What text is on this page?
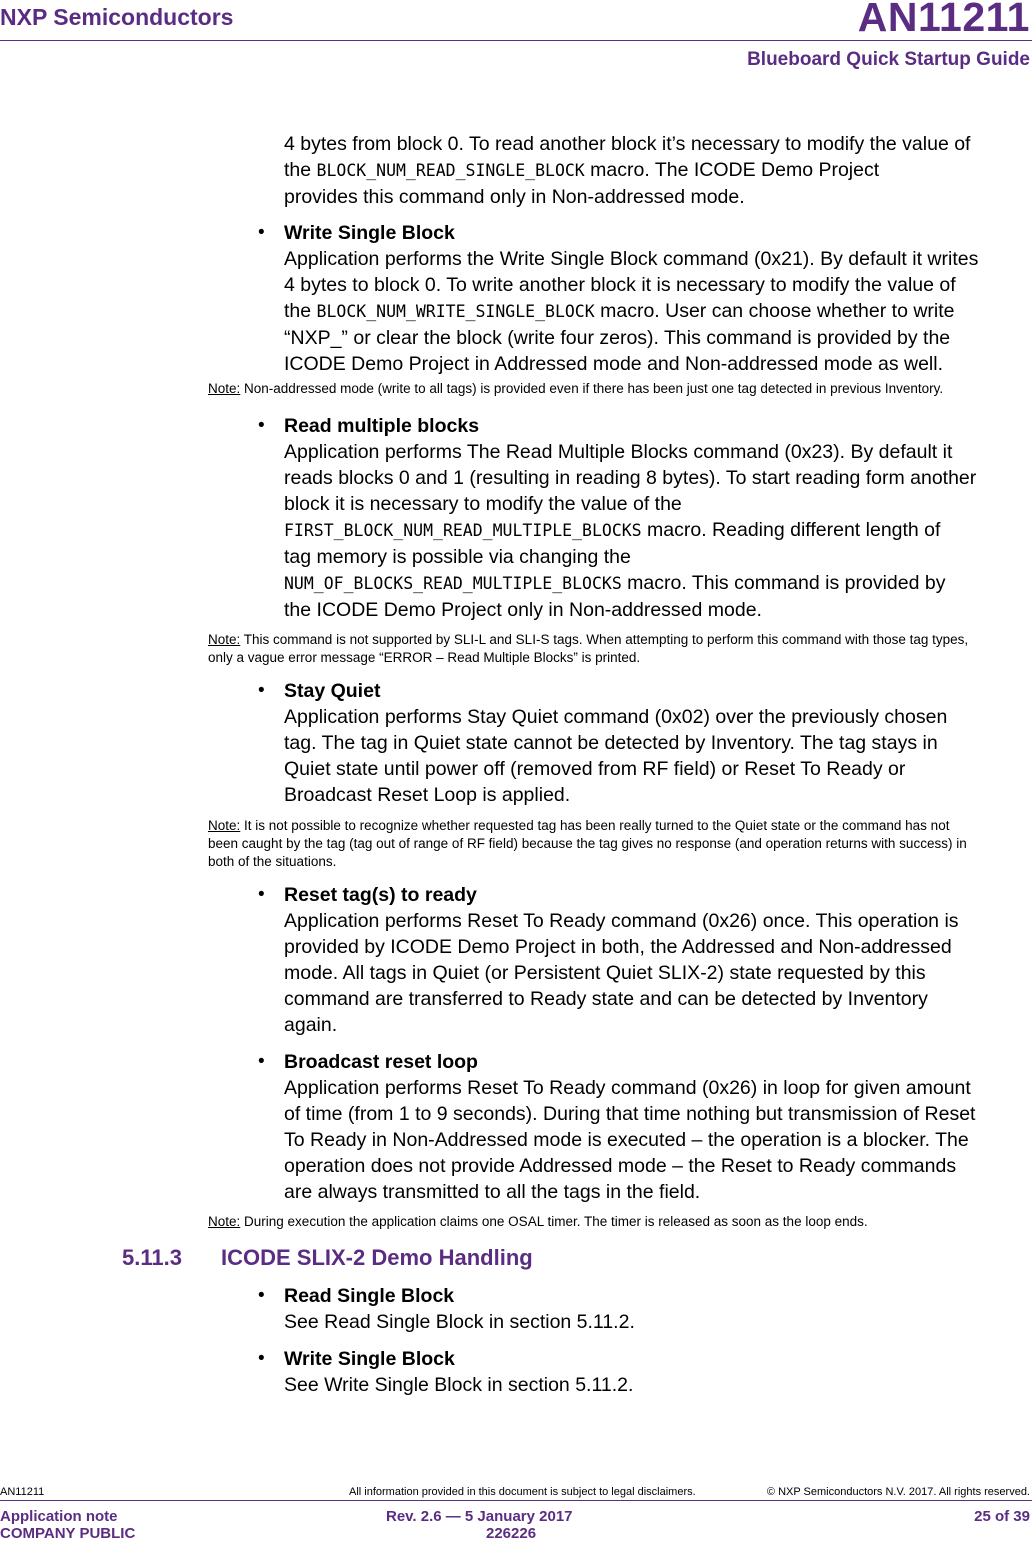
NXP Semiconductors	AN11211
Blueboard Quick Startup Guide
4 bytes from block 0. To read another block it’s necessary to modify the value of
the BLOCK_NUM_READ_SINGLE_BLOCK macro. The ICODE Demo Project
provides this command only in Non-addressed mode.
• Write Single Block
Application performs the Write Single Block command (0x21). By default it writes
4 bytes to block 0. To write another block it is necessary to modify the value of
the BLOCK_NUM_WRITE_SINGLE_BLOCK macro. User can choose whether to write
“NXP_” or clear the block (write four zeros). This command is provided by the
ICODE Demo Project in Addressed mode and Non-addressed mode as well.
Note: Non-addressed mode (write to all tags) is provided even if there has been just one tag detected in previous Inventory.
• Read multiple blocks
Application performs The Read Multiple Blocks command (0x23). By default it
reads blocks 0 and 1 (resulting in reading 8 bytes). To start reading form another
block it is necessary to modify the value of the
FIRST_BLOCK_NUM_READ_MULTIPLE_BLOCKS macro. Reading different length of
tag memory is possible via changing the
NUM_OF_BLOCKS_READ_MULTIPLE_BLOCKS macro. This command is provided by
the ICODE Demo Project only in Non-addressed mode.
Note: This command is not supported by SLI-L and SLI-S tags. When attempting to perform this command with those tag types,
only a vague error message “ERROR – Read Multiple Blocks” is printed.
• Stay Quiet
Application performs Stay Quiet command (0x02) over the previously chosen
tag. The tag in Quiet state cannot be detected by Inventory. The tag stays in
Quiet state until power off (removed from RF field) or Reset To Ready or
Broadcast Reset Loop is applied.
Note: It is not possible to recognize whether requested tag has been really turned to the Quiet state or the command has not
been caught by the tag (tag out of range of RF field) because the tag gives no response (and operation returns with success) in
both of the situations.
• Reset tag(s) to ready
Application performs Reset To Ready command (0x26) once. This operation is
provided by ICODE Demo Project in both, the Addressed and Non-addressed
mode. All tags in Quiet (or Persistent Quiet SLIX-2) state requested by this
command are transferred to Ready state and can be detected by Inventory
again.
• Broadcast reset loop
Application performs Reset To Ready command (0x26) in loop for given amount
of time (from 1 to 9 seconds). During that time nothing but transmission of Reset
To Ready in Non-Addressed mode is executed – the operation is a blocker. The
operation does not provide Addressed mode – the Reset to Ready commands
are always transmitted to all the tags in the field.
Note: During execution the application claims one OSAL timer. The timer is released as soon as the loop ends.
5.11.3 ICODE SLIX-2 Demo Handling
• Read Single Block
See Read Single Block in section 5.11.2.
• Write Single Block
See Write Single Block in section 5.11.2.
AN11211	All information provided in this document is subject to legal disclaimers.	© NXP Semiconductors N.V. 2017. All rights reserved.
Application note
COMPANY PUBLIC
Rev. 2.6 — 5 January 2017
226226
25 of 39
